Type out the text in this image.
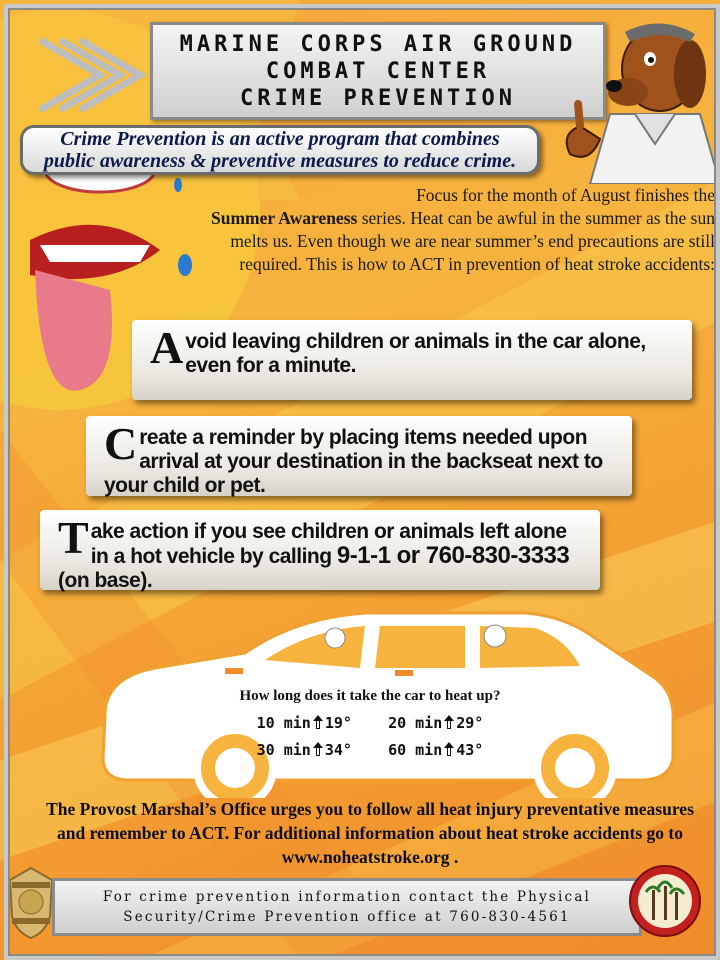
MARINE CORPS AIR GROUND
COMBAT CENTER
CRIME PREVENTION
Crime Prevention is an active program that combines public awareness & preventive measures to reduce crime.
Focus for the month of August finishes the
Summer Awareness series. Heat can be awful in the summer as the sun melts us. Even though we are near summer’s end precautions are still required. This is how to ACT in prevention of heat stroke accidents:
A void leaving children or animals in the car alone, even for a minute.
C reate a reminder by placing items needed upon arrival at your destination in the backseat next to your child or pet.
T ake action if you see children or animals left alone in a hot vehicle by calling 9-1-1 or 760-830-3333 (on base).
How long does it take the car to heat up?
10 min 19° 20 min 29°
30 min 34° 60 min 43°
The Provost Marshal’s Office urges you to follow all heat injury preventative measures and remember to ACT. For additional information about heat stroke accidents go to www.noheatstroke.org .
For crime prevention information contact the Physical
Security/Crime Prevention office at 760-830-4561
